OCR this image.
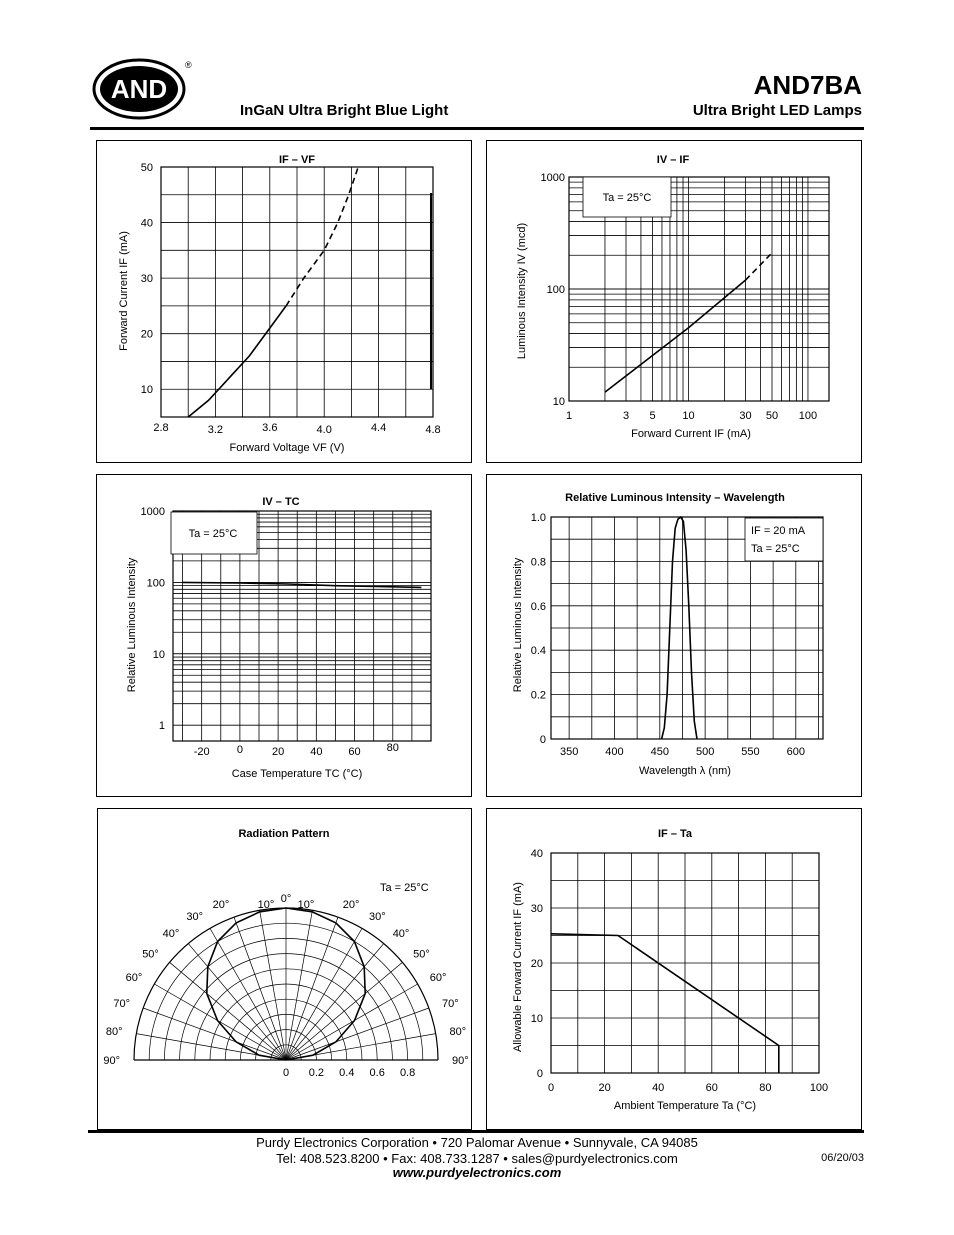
AND
®
AND7BA
InGaN Ultra Bright Blue Light	Ultra Bright LED Lamps
2.8	3.2	3.6	4.0	4.4	4.8
10
20
30
40
50
IF – VF
Forward Voltage VF (V)
Forward Current IF (mA)
Ta = 25°C
1	3 5 10	30 50 100
10
100
1000
IV – IF
Forward Current IF (mA)
Luminous Intensity IV (mcd)
Ta = 25°C
-20 0	20 40 60 80
1
10
100
1000
IV – TC
Case Temperature TC (°C)
Relative Luminous Intensity
IF = 20 mA
Ta = 25°C
350 400 450 500 550 600
0
0.2
0.4
0.6
0.8
1.0
Relative Luminous Intensity – Wavelength
Wavelength λ (nm)
Relative Luminous Intensity
0°
10° 10°
20°	20°
30°	30°
40°	40°
50°	50°
60°	60°
70°	70°
80°	80°
90°	90°
0 0.2 0.4 0.6 0.8
Radiation Pattern
Ta = 25°C
0	20	40	60	80	100
0
10
20
30
40
IF – Ta
Ambient Temperature Ta (°C)
Allowable Forward Current IF (mA)
Purdy Electronics Corporation • 720 Palomar Avenue • Sunnyvale, CA 94085
Tel: 408.523.8200 • Fax: 408.733.1287 • sales@purdyelectronics.com
www.purdyelectronics.com
06/20/03
